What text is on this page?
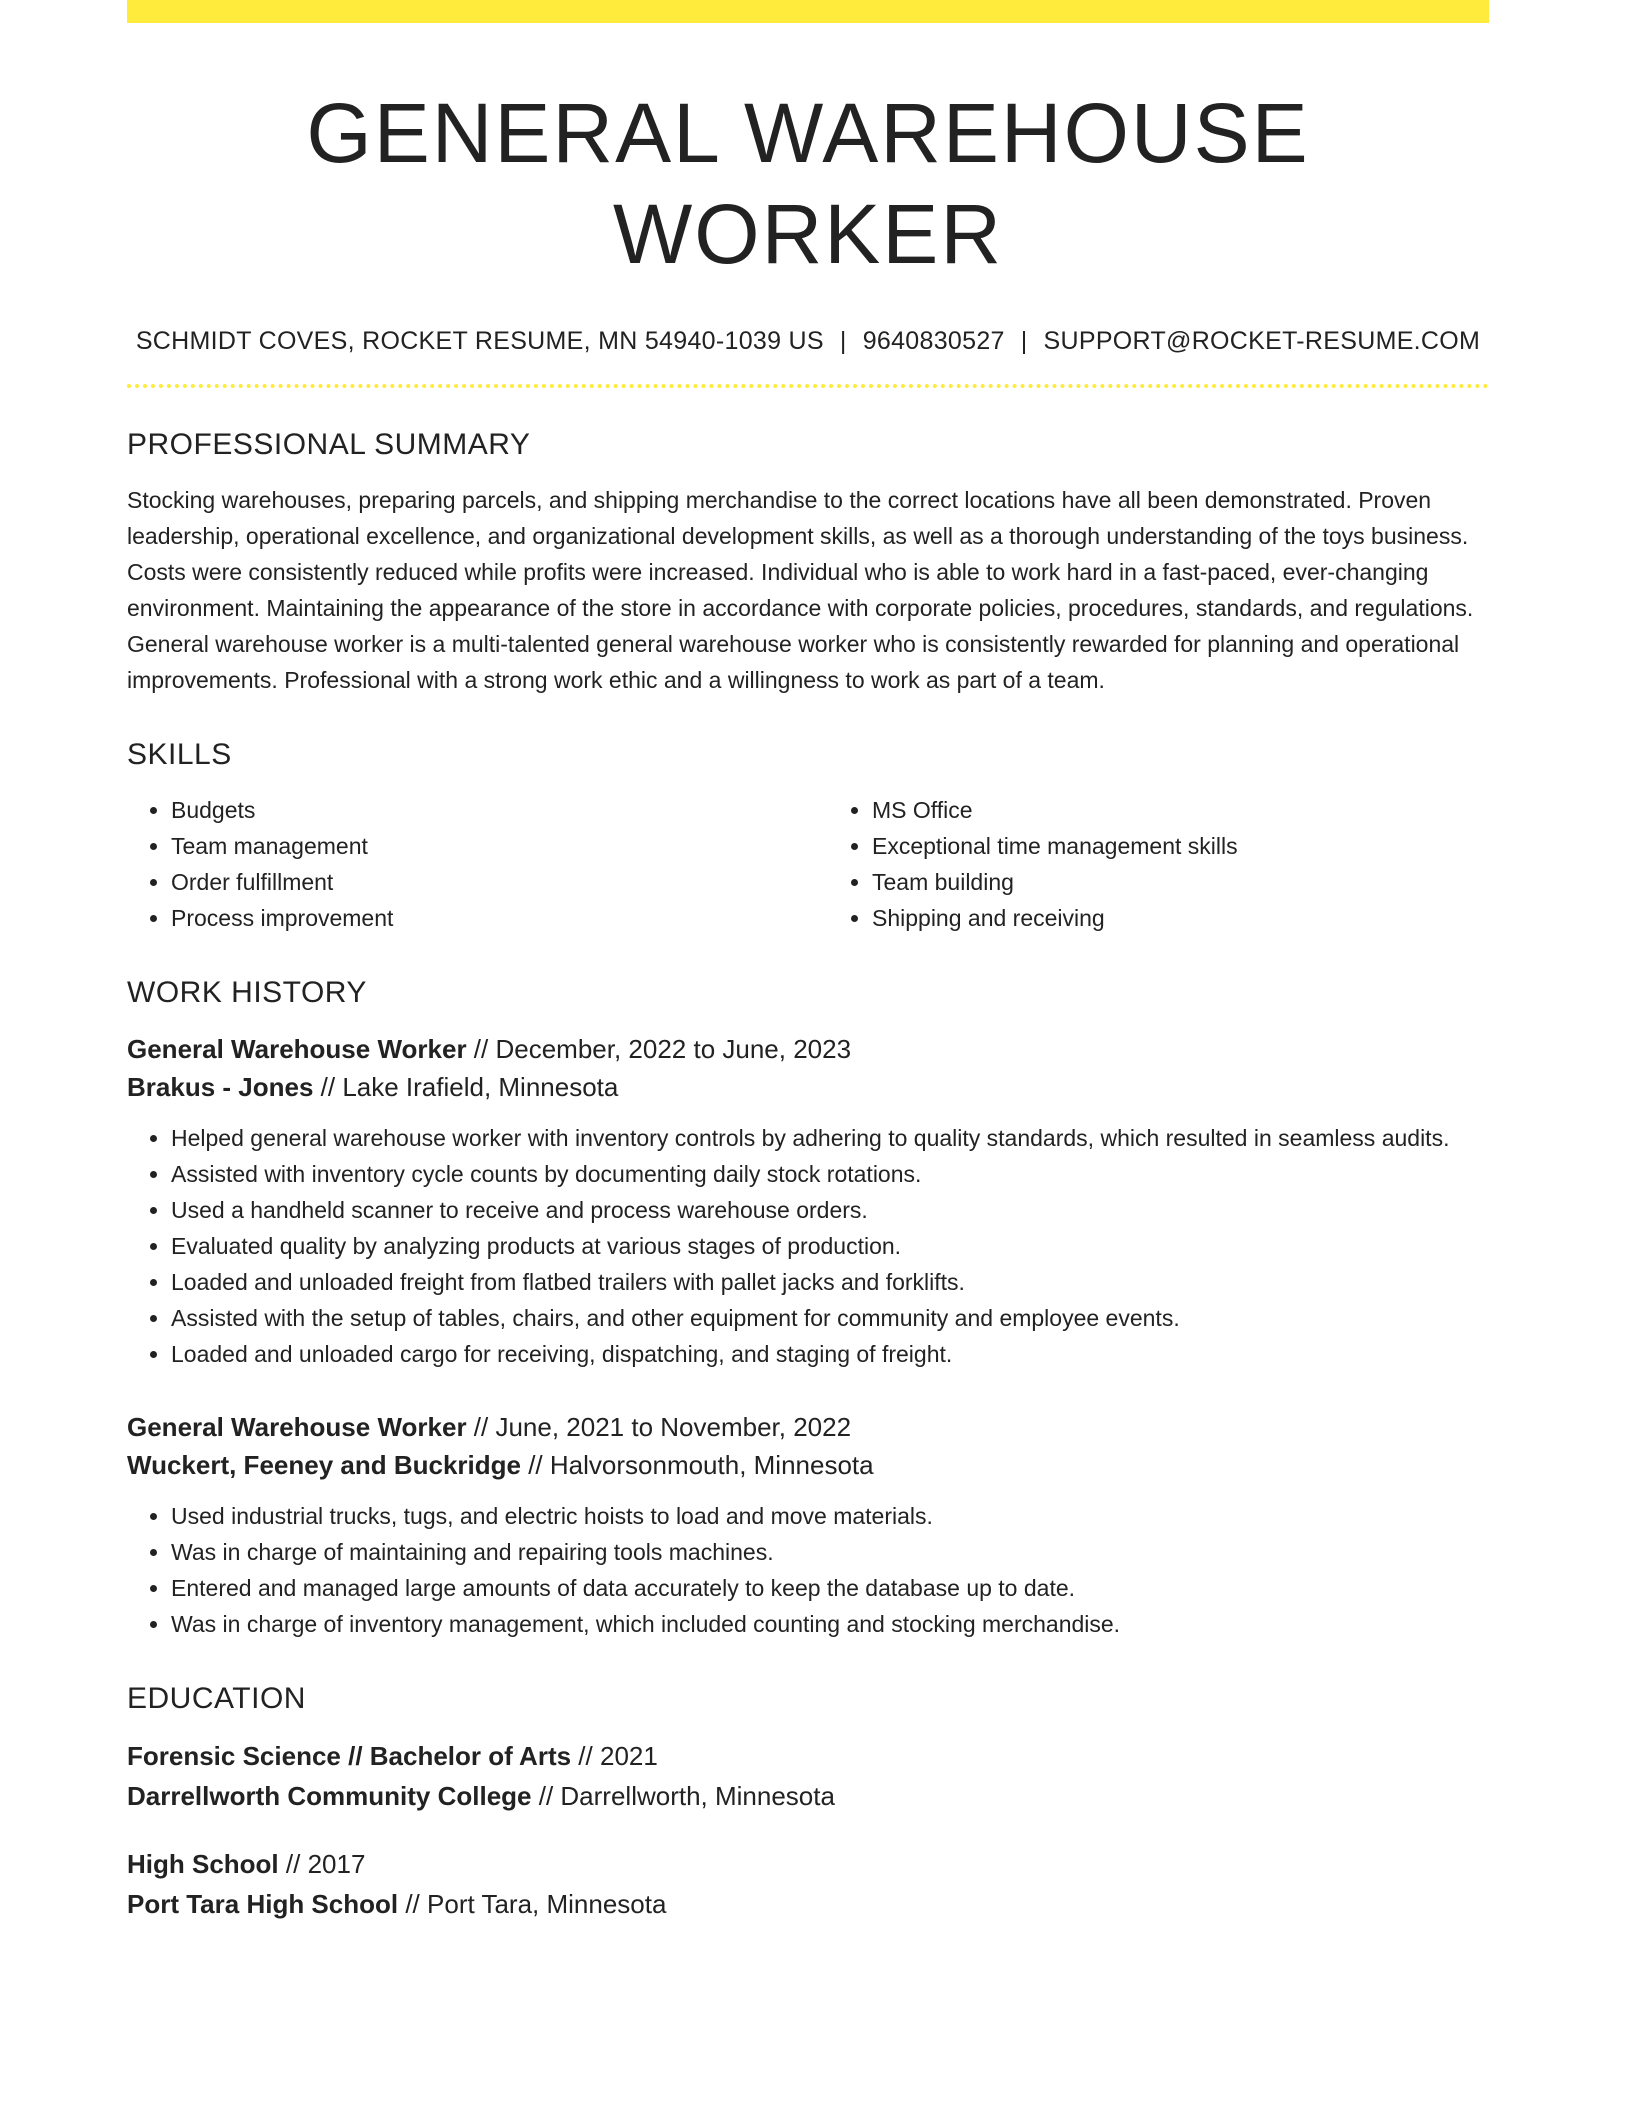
GENERAL WAREHOUSE WORKER
SCHMIDT COVES, ROCKET RESUME, MN 54940-1039 US | 9640830527 | SUPPORT@ROCKET-RESUME.COM
PROFESSIONAL SUMMARY
Stocking warehouses, preparing parcels, and shipping merchandise to the correct locations have all been demonstrated. Proven leadership, operational excellence, and organizational development skills, as well as a thorough understanding of the toys business. Costs were consistently reduced while profits were increased. Individual who is able to work hard in a fast-paced, ever-changing environment. Maintaining the appearance of the store in accordance with corporate policies, procedures, standards, and regulations. General warehouse worker is a multi-talented general warehouse worker who is consistently rewarded for planning and operational improvements. Professional with a strong work ethic and a willingness to work as part of a team.
SKILLS
• Budgets
• Team management
• Order fulfillment
• Process improvement
• MS Office
• Exceptional time management skills
• Team building
• Shipping and receiving
WORK HISTORY
General Warehouse Worker // December, 2022 to June, 2023
Brakus - Jones // Lake Irafield, Minnesota
• Helped general warehouse worker with inventory controls by adhering to quality standards, which resulted in seamless audits.
• Assisted with inventory cycle counts by documenting daily stock rotations.
• Used a handheld scanner to receive and process warehouse orders.
• Evaluated quality by analyzing products at various stages of production.
• Loaded and unloaded freight from flatbed trailers with pallet jacks and forklifts.
• Assisted with the setup of tables, chairs, and other equipment for community and employee events.
• Loaded and unloaded cargo for receiving, dispatching, and staging of freight.
General Warehouse Worker // June, 2021 to November, 2022
Wuckert, Feeney and Buckridge // Halvorsonmouth, Minnesota
• Used industrial trucks, tugs, and electric hoists to load and move materials.
• Was in charge of maintaining and repairing tools machines.
• Entered and managed large amounts of data accurately to keep the database up to date.
• Was in charge of inventory management, which included counting and stocking merchandise.
EDUCATION
Forensic Science // Bachelor of Arts // 2021
Darrellworth Community College // Darrellworth, Minnesota
High School // 2017
Port Tara High School // Port Tara, Minnesota
